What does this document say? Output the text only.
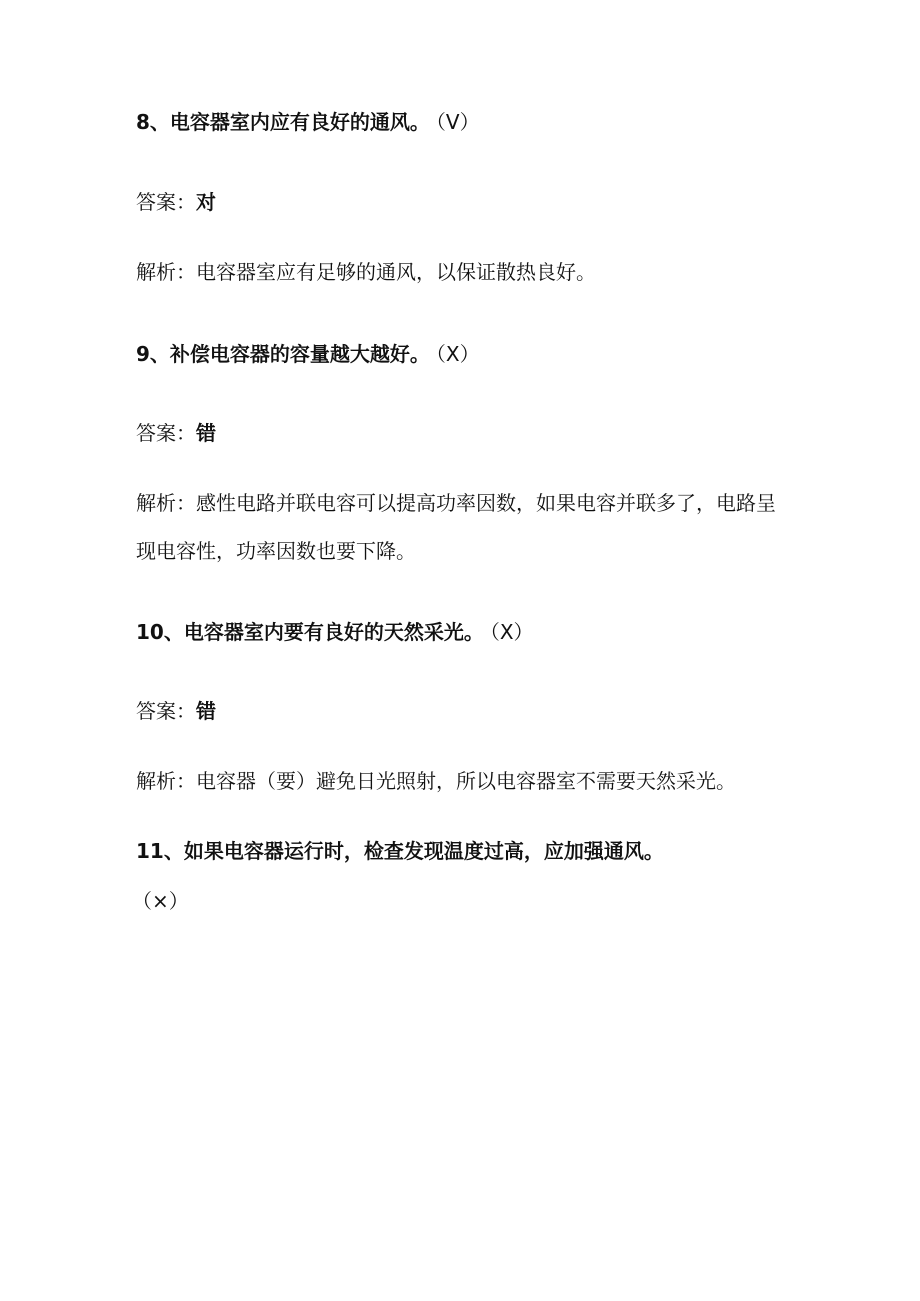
8、电容器室内应有良好的通风。 （V）
答案：对
解析：电容器室应有足够的通风，以保证散热良好。
9、补偿电容器的容量越大越好。 （X）
答案：错
解析：感性电路并联电容可以提高功率因数，如果电容并联多了，电路呈现电容性，功率因数也要下降。
10、电容器室内要有良好的天然采光。 （X）
答案：错
解析：电容器（要）避免日光照射，所以电容器室不需要天然采光。
11、如果电容器运行时，检查发现温度过高，应加强通风。
（×）
